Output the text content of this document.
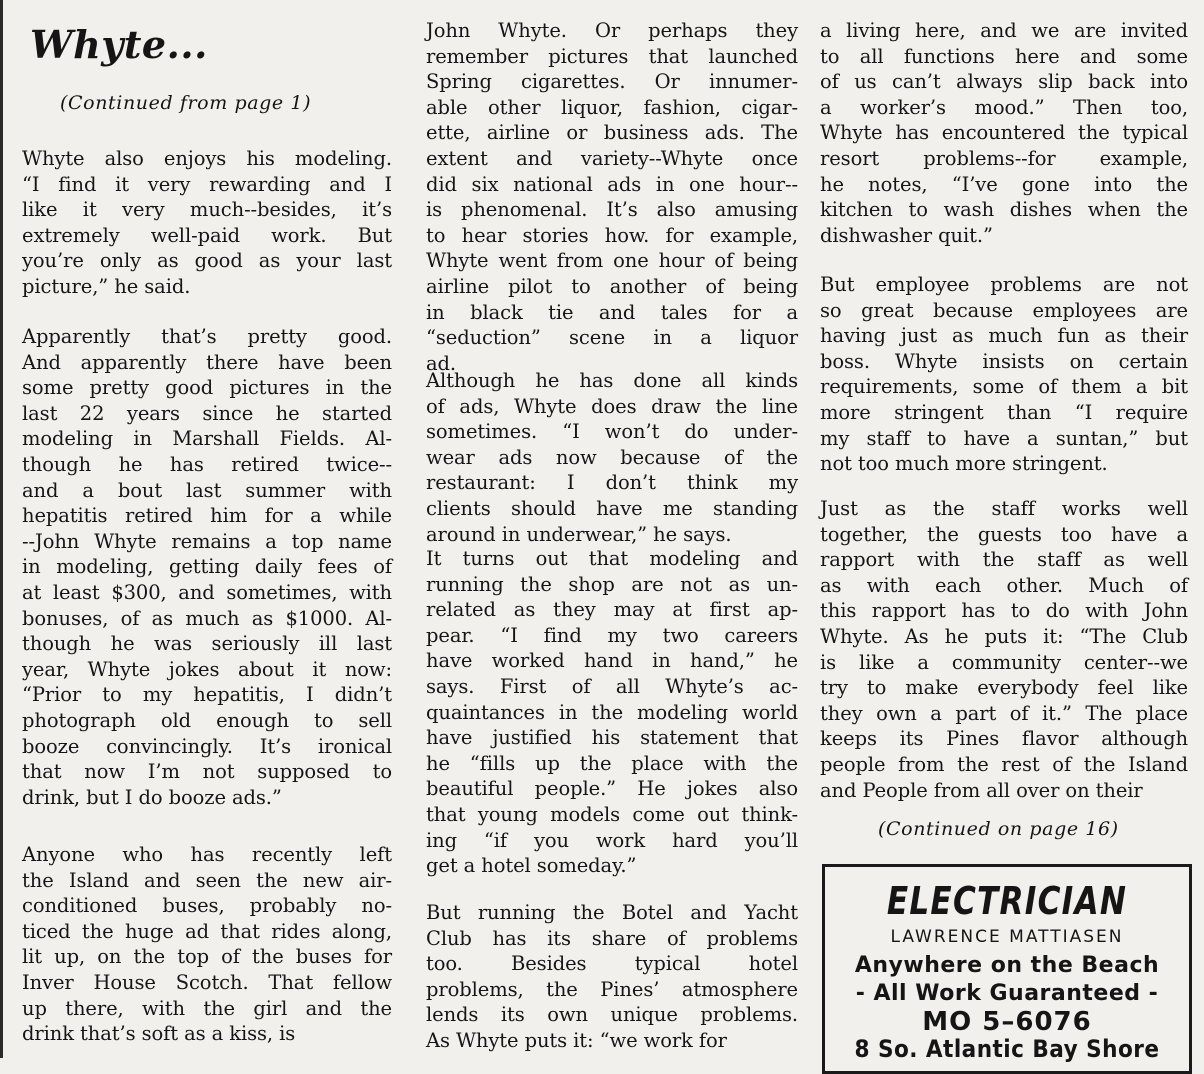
Whyte...

(Continued from page 1)

Whyte also enjoys his modeling.
“I find it very rewarding and I
like it very much--besides, it’s
extremely well-paid work. But
you’re only as good as your last
picture,” he said.
Apparently that’s pretty good.
And apparently there have been
some pretty good pictures in the
last 22 years since he started
modeling in Marshall Fields. Al-
though he has retired twice--
and a bout last summer with
hepatitis retired him for a while
--John Whyte remains a top name
in modeling, getting daily fees of
at least $300, and sometimes, with
bonuses, of as much as $1000. Al-
though he was seriously ill last
year, Whyte jokes about it now:
“Prior to my hepatitis, I didn’t
photograph old enough to sell
booze convincingly. It’s ironical
that now I’m not supposed to
drink, but I do booze ads.”
Anyone who has recently left
the Island and seen the new air-
conditioned buses, probably no-
ticed the huge ad that rides along,
lit up, on the top of the buses for
Inver House Scotch. That fellow
up there, with the girl and the
drink that’s soft as a kiss, is
John Whyte. Or perhaps they
remember pictures that launched
Spring cigarettes. Or innumer-
able other liquor, fashion, cigar-
ette, airline or business ads. The
extent and variety--Whyte once
did six national ads in one hour--
is phenomenal. It’s also amusing
to hear stories how. for example,
Whyte went from one hour of being
airline pilot to another of being
in black tie and tales for a
“seduction” scene in a liquor
ad.
Although he has done all kinds
of ads, Whyte does draw the line
sometimes. “I won’t do under-
wear ads now because of the
restaurant: I don’t think my
clients should have me standing
around in underwear,” he says.
It turns out that modeling and
running the shop are not as un-
related as they may at first ap-
pear. “I find my two careers
have worked hand in hand,” he
says. First of all Whyte’s ac-
quaintances in the modeling world
have justified his statement that
he “fills up the place with the
beautiful people.” He jokes also
that young models come out think-
ing “if you work hard you’ll
get a hotel someday.”
But running the Botel and Yacht
Club has its share of problems
too. Besides typical hotel
problems, the Pines’ atmosphere
lends its own unique problems.
As Whyte puts it: “we work for
a living here, and we are invited
to all functions here and some
of us can’t always slip back into
a worker’s mood.” Then too,
Whyte has encountered the typical
resort problems--for example,
he notes, “I’ve gone into the
kitchen to wash dishes when the
dishwasher quit.”
But employee problems are not
so great because employees are
having just as much fun as their
boss. Whyte insists on certain
requirements, some of them a bit
more stringent than “I require
my staff to have a suntan,” but
not too much more stringent.
Just as the staff works well
together, the guests too have a
rapport with the staff as well
as with each other. Much of
this rapport has to do with John
Whyte. As he puts it: “The Club
is like a community center--we
try to make everybody feel like
they own a part of it.” The place
keeps its Pines flavor although
people from the rest of the Island
and People from all over on their

(Continued on page 16)

ELECTRICIAN
LAWRENCE MATTIASEN
Anywhere on the Beach
- All Work Guaranteed -
MO 5–6076
8 So. Atlantic Bay Shore
